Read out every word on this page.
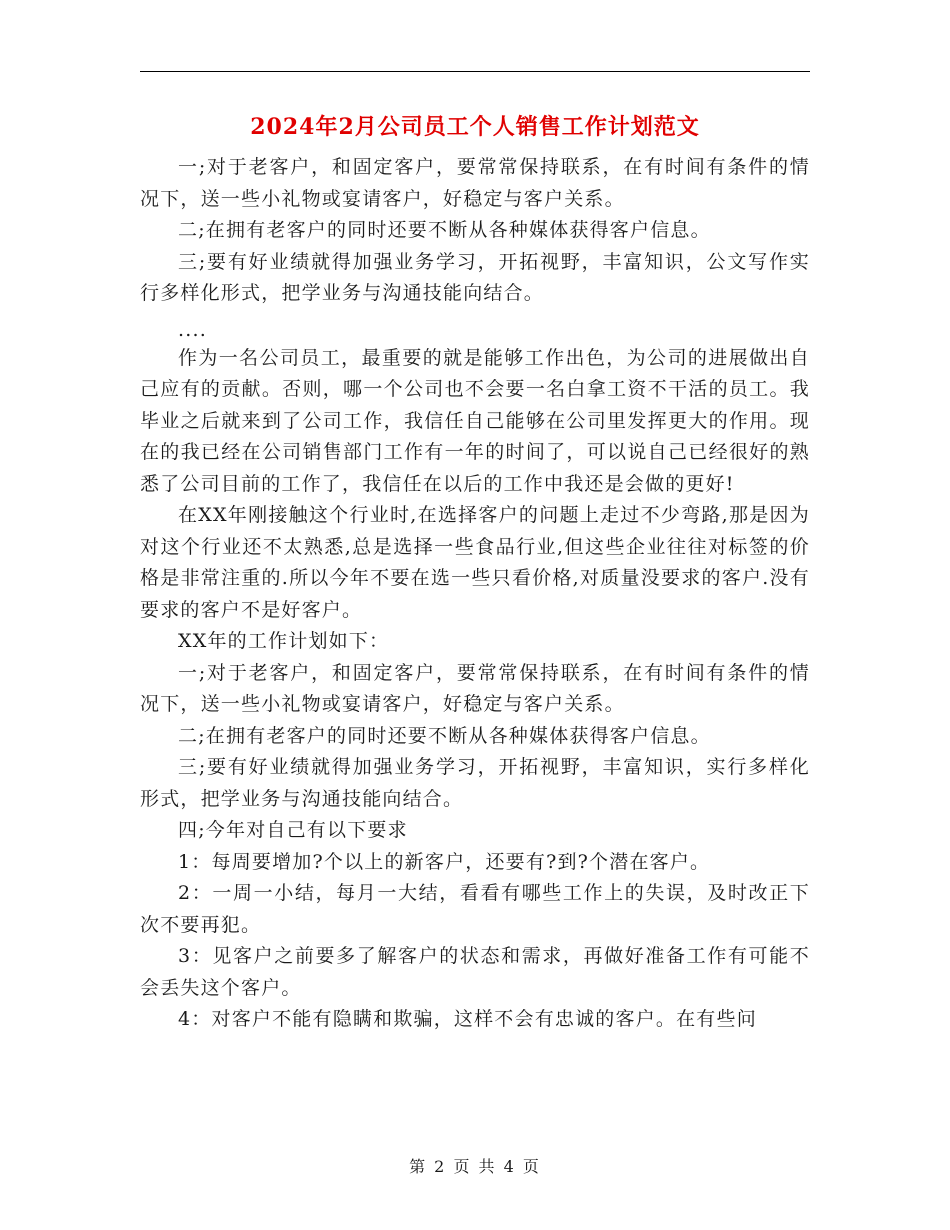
2024年2月公司员工个人销售工作计划范文

一;对于老客户，和固定客户，要常常保持联系，在有时间有条件的情况下，送一些小礼物或宴请客户，好稳定与客户关系。

二;在拥有老客户的同时还要不断从各种媒体获得客户信息。

三;要有好业绩就得加强业务学习，开拓视野，丰富知识，公文写作实行多样化形式，把学业务与沟通技能向结合。

....

作为一名公司员工，最重要的就是能够工作出色，为公司的进展做出自己应有的贡献。否则，哪一个公司也不会要一名白拿工资不干活的员工。我毕业之后就来到了公司工作，我信任自己能够在公司里发挥更大的作用。现在的我已经在公司销售部门工作有一年的时间了，可以说自己已经很好的熟悉了公司目前的工作了，我信任在以后的工作中我还是会做的更好!

在XX年刚接触这个行业时,在选择客户的问题上走过不少弯路,那是因为对这个行业还不太熟悉,总是选择一些食品行业,但这些企业往往对标签的价格是非常注重的.所以今年不要在选一些只看价格,对质量没要求的客户.没有要求的客户不是好客户。

XX年的工作计划如下：

一;对于老客户，和固定客户，要常常保持联系，在有时间有条件的情况下，送一些小礼物或宴请客户，好稳定与客户关系。

二;在拥有老客户的同时还要不断从各种媒体获得客户信息。

三;要有好业绩就得加强业务学习，开拓视野，丰富知识，实行多样化形式，把学业务与沟通技能向结合。

四;今年对自己有以下要求

1：每周要增加?个以上的新客户，还要有?到?个潜在客户。

2：一周一小结，每月一大结，看看有哪些工作上的失误，及时改正下次不要再犯。

3：见客户之前要多了解客户的状态和需求，再做好准备工作有可能不会丢失这个客户。

4：对客户不能有隐瞒和欺骗，这样不会有忠诚的客户。在有些问

第 2 页 共 4 页
